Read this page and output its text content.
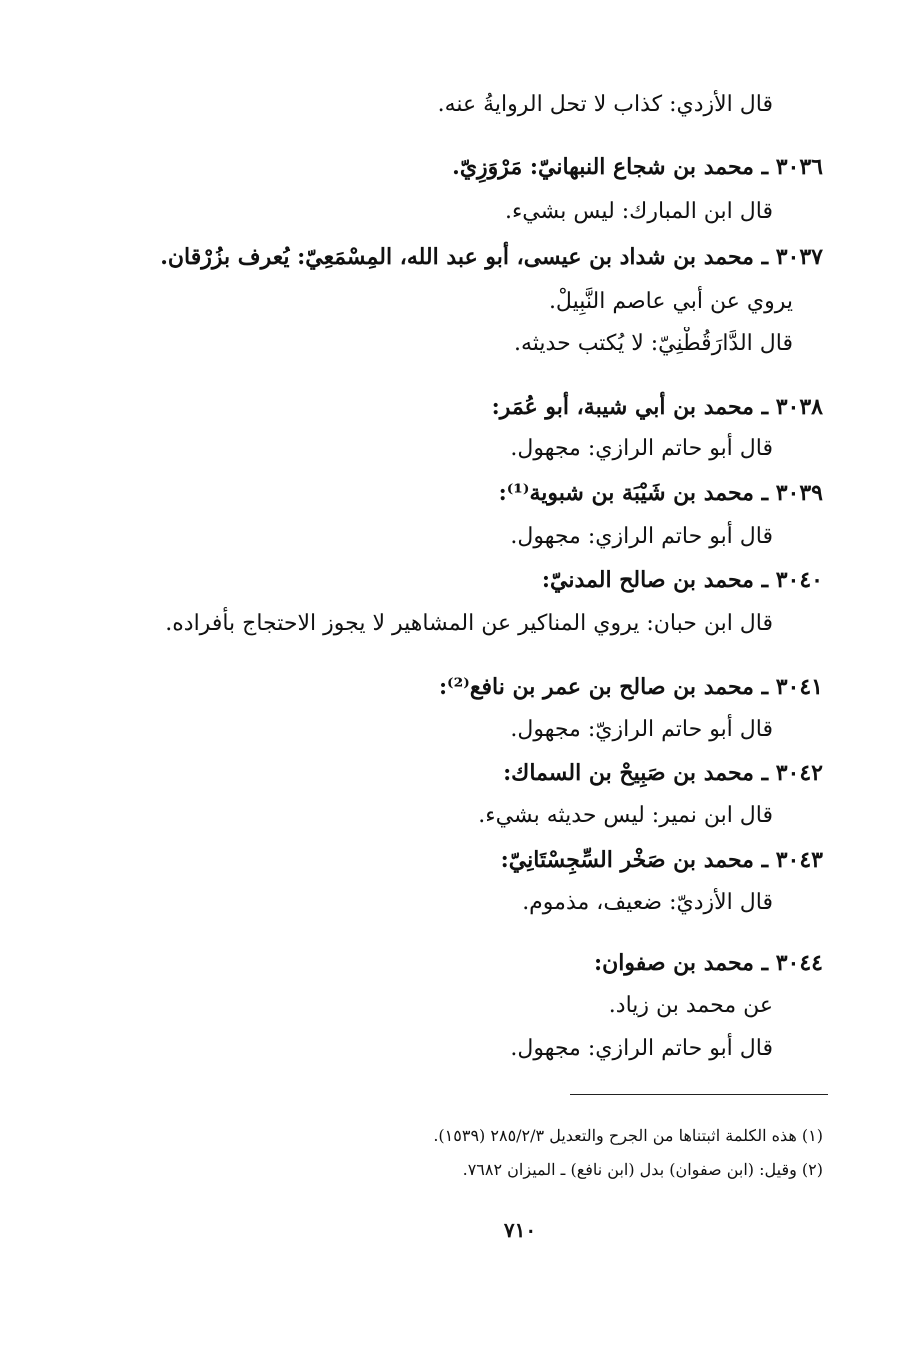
قال الأزدي: كذاب لا تحل الروايةُ عنه.
٣٠٣٦ ـ محمد بن شجاع النبهانيّ: مَرْوَزِيّ.
قال ابن المبارك: ليس بشيء.
٣٠٣٧ ـ محمد بن شداد بن عيسى، أبو عبد الله، المِسْمَعِيّ: يُعرف بزُرْقان.
يروي عن أبي عاصم النَّبِيلْ.
قال الدَّارَقُطْنِيّ: لا يُكتب حديثه.
٣٠٣٨ ـ محمد بن أبي شيبة، أبو عُمَر:
قال أبو حاتم الرازي: مجهول.
٣٠٣٩ ـ محمد بن شَيْبَة بن شبوية⁽¹⁾:
قال أبو حاتم الرازي: مجهول.
٣٠٤٠ ـ محمد بن صالح المدنيّ:
قال ابن حبان: يروي المناكير عن المشاهير لا يجوز الاحتجاج بأفراده.
٣٠٤١ ـ محمد بن صالح بن عمر بن نافع⁽²⁾:
قال أبو حاتم الرازيّ: مجهول.
٣٠٤٢ ـ محمد بن صَبِيحْ بن السماك:
قال ابن نمير: ليس حديثه بشيء.
٣٠٤٣ ـ محمد بن صَخْر السِّجِسْتَانِيّ:
قال الأزديّ: ضعيف، مذموم.
٣٠٤٤ ـ محمد بن صفوان:
عن محمد بن زياد.
قال أبو حاتم الرازي: مجهول.
(١) هذه الكلمة اثبتناها من الجرح والتعديل ٢٨٥/٢/٣ (١٥٣٩).
(٢) وقيل: (ابن صفوان) بدل (ابن نافع) ـ الميزان ٧٦٨٢.
٧١٠
